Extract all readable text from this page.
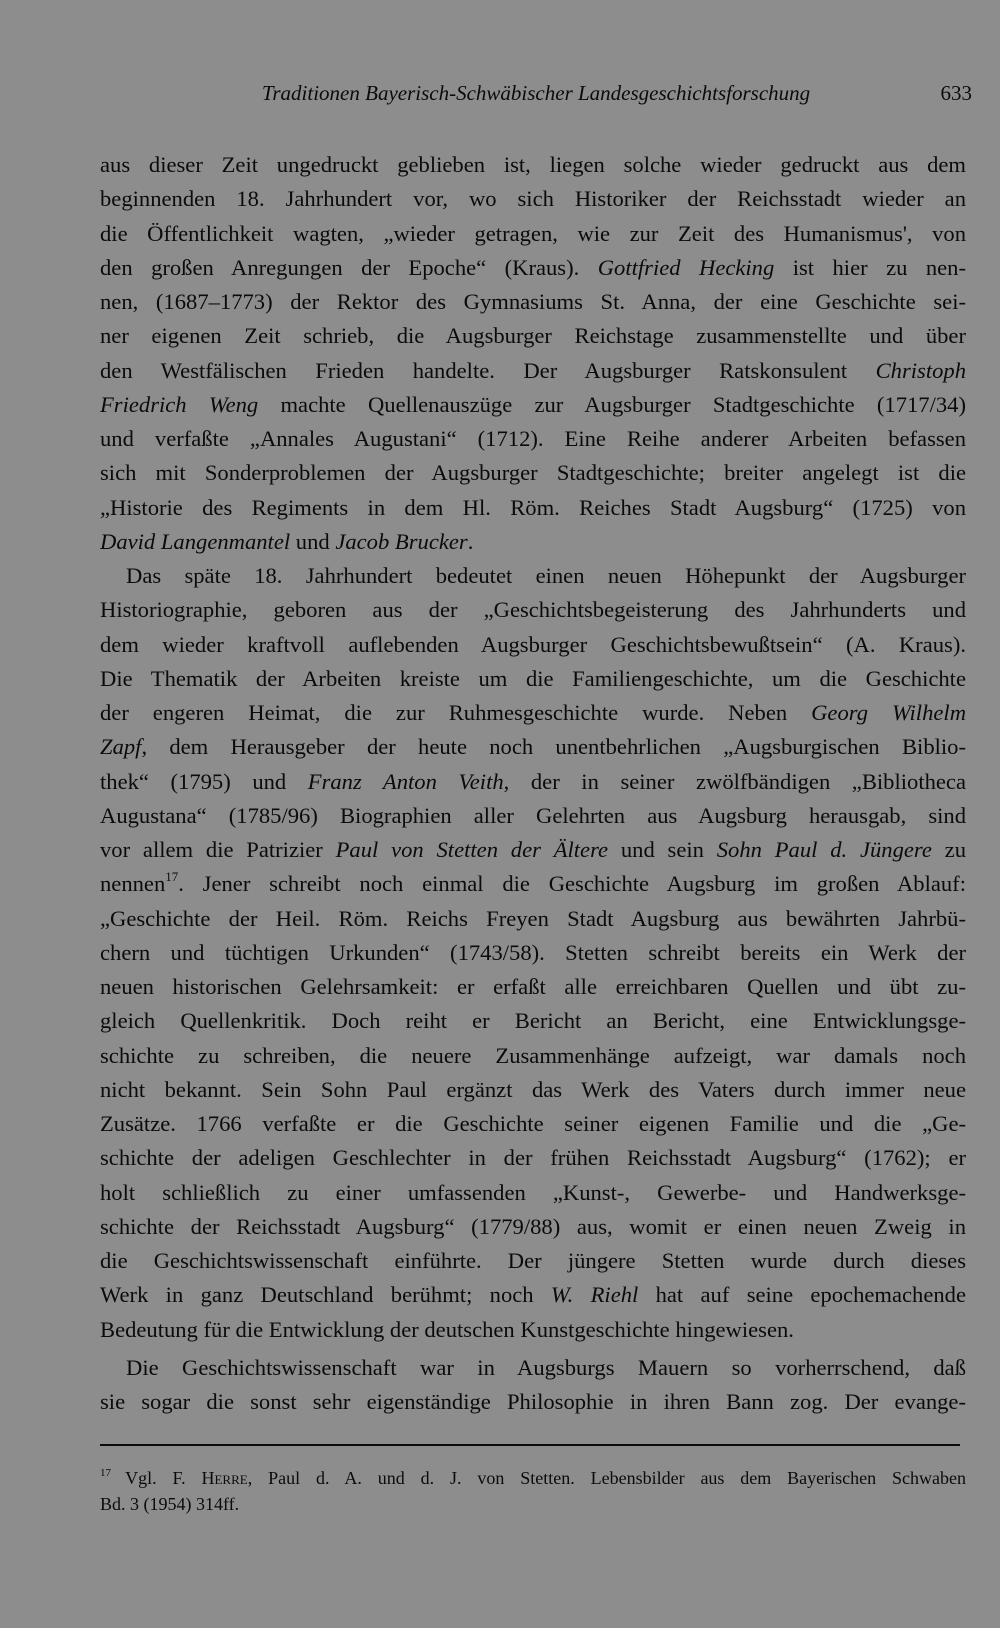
Traditionen Bayerisch-Schwäbischer Landesgeschichtsforschung	633
aus dieser Zeit ungedruckt geblieben ist, liegen solche wieder gedruckt aus dem
beginnenden 18. Jahrhundert vor, wo sich Historiker der Reichsstadt wieder an
die Öffentlichkeit wagten, „wieder getragen, wie zur Zeit des Humanismus', von
den großen Anregungen der Epoche“ (Kraus). Gottfried Hecking ist hier zu nen-
nen, (1687–1773) der Rektor des Gymnasiums St. Anna, der eine Geschichte sei-
ner eigenen Zeit schrieb, die Augsburger Reichstage zusammenstellte und über
den Westfälischen Frieden handelte. Der Augsburger Ratskonsulent Christoph
Friedrich Weng machte Quellenauszüge zur Augsburger Stadtgeschichte (1717/34)
und verfaßte „Annales Augustani“ (1712). Eine Reihe anderer Arbeiten befassen
sich mit Sonderproblemen der Augsburger Stadtgeschichte; breiter angelegt ist die
„Historie des Regiments in dem Hl. Röm. Reiches Stadt Augsburg“ (1725) von
David Langenmantel und Jacob Brucker.
Das späte 18. Jahrhundert bedeutet einen neuen Höhepunkt der Augsburger
Historiographie, geboren aus der „Geschichtsbegeisterung des Jahrhunderts und
dem wieder kraftvoll auflebenden Augsburger Geschichtsbewußtsein“ (A. Kraus).
Die Thematik der Arbeiten kreiste um die Familiengeschichte, um die Geschichte
der engeren Heimat, die zur Ruhmesgeschichte wurde. Neben Georg Wilhelm
Zapf, dem Herausgeber der heute noch unentbehrlichen „Augsburgischen Biblio-
thek“ (1795) und Franz Anton Veith, der in seiner zwölfbändigen „Bibliotheca
Augustana“ (1785/96) Biographien aller Gelehrten aus Augsburg herausgab, sind
vor allem die Patrizier Paul von Stetten der Ältere und sein Sohn Paul d. Jüngere zu
nennen$^{17}$. Jener schreibt noch einmal die Geschichte Augsburg im großen Ablauf:
„Geschichte der Heil. Röm. Reichs Freyen Stadt Augsburg aus bewährten Jahrbü-
chern und tüchtigen Urkunden“ (1743/58). Stetten schreibt bereits ein Werk der
neuen historischen Gelehrsamkeit: er erfaßt alle erreichbaren Quellen und übt zu-
gleich Quellenkritik. Doch reiht er Bericht an Bericht, eine Entwicklungsge-
schichte zu schreiben, die neuere Zusammenhänge aufzeigt, war damals noch
nicht bekannt. Sein Sohn Paul ergänzt das Werk des Vaters durch immer neue
Zusätze. 1766 verfaßte er die Geschichte seiner eigenen Familie und die „Ge-
schichte der adeligen Geschlechter in der frühen Reichsstadt Augsburg“ (1762); er
holt schließlich zu einer umfassenden „Kunst-, Gewerbe- und Handwerksge-
schichte der Reichsstadt Augsburg“ (1779/88) aus, womit er einen neuen Zweig in
die Geschichtswissenschaft einführte. Der jüngere Stetten wurde durch dieses
Werk in ganz Deutschland berühmt; noch W. Riehl hat auf seine epochemachende
Bedeutung für die Entwicklung der deutschen Kunstgeschichte hingewiesen.
Die Geschichtswissenschaft war in Augsburgs Mauern so vorherrschend, daß
sie sogar die sonst sehr eigenständige Philosophie in ihren Bann zog. Der evange-
$^{17}$ Vgl. F. Herre, Paul d. A. und d. J. von Stetten. Lebensbilder aus dem Bayerischen Schwaben
Bd. 3 (1954) 314ff.
